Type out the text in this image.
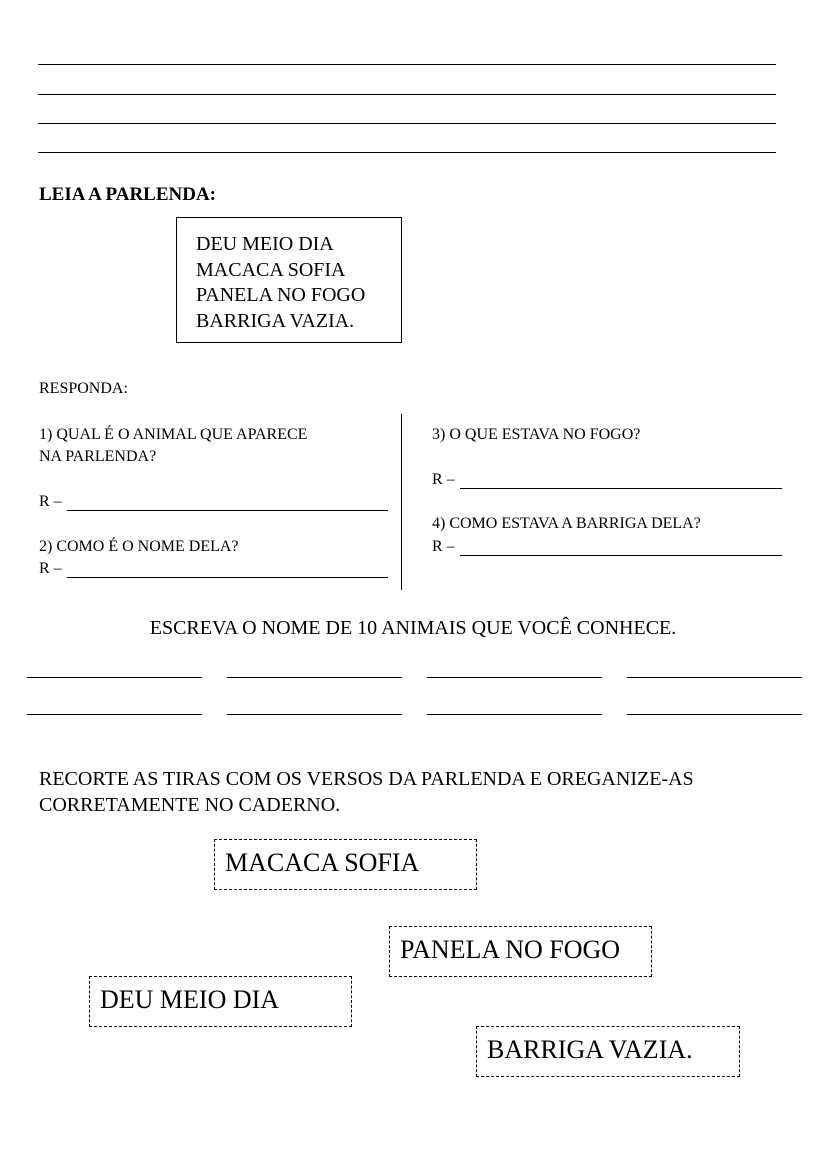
LEIA A PARLENDA:
DEU MEIO DIA
MACACA SOFIA
PANELA NO FOGO
BARRIGA VAZIA.
RESPONDA:
1) QUAL É O ANIMAL QUE APARECE
NA PARLENDA?
R –
2) COMO É O NOME DELA?
R –
3) O QUE ESTAVA NO FOGO?
R –
4) COMO ESTAVA A BARRIGA DELA?
R –
ESCREVA O NOME DE 10 ANIMAIS QUE VOCÊ CONHECE.
RECORTE AS TIRAS COM OS VERSOS DA PARLENDA E OREGANIZE-AS CORRETAMENTE NO CADERNO.
MACACA SOFIA
PANELA NO FOGO
DEU MEIO DIA
BARRIGA VAZIA.
